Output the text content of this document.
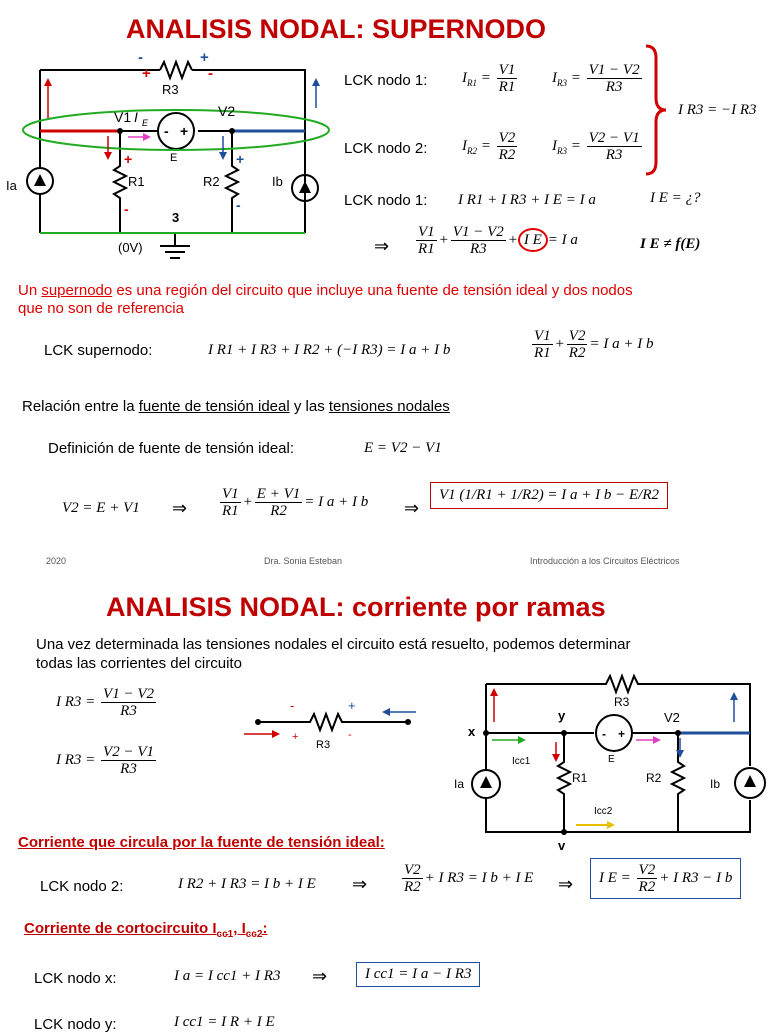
ANALISIS NODAL: SUPERNODO
-	+
+	-
R3
V1 I E
V2
- +
E
+
-
R1
+
-
R2
Ia	Ib
3
(0V)
LCK nodo 1: $I_{R1} = \frac{V1}{R1} I_{R3} = \frac{V1 - V2}{R3}$
LCK nodo 2: $I_{R2} = \frac{V2}{R2} I_{R3} = \frac{V2 - V1}{R3}$
I R3 = −I R3
LCK nodo 1: I R1 + I R3 + I E = I a	I E = ¿?
⇒ $\frac{V1}{R1} + \frac{V1 - V2}{R3} + I$ E = I a	I E ≠ f(E)
Un supernodo es una región del circuito que incluye una fuente de tensión ideal y dos nodos
que no son de referencia
LCK supernodo:	I R1 + I R3 + I R2 + (−I R3) = I a + I b	$\frac{V1}{R1} + \frac{V2}{R2} = I$ a + I b
Relación entre la fuente de tensión ideal y las tensiones nodales
Definición de fuente de tensión ideal:	E = V2 − V1
V2 = E + V1 ⇒ $\frac{V1}{R1} + \frac{E + V1}{R2} = I$ a + I b ⇒
V1 (1/R1 + 1/R2) = I a + I b − E/R2
2020	Dra. Sonia Esteban	Introducción a los Circuitos Eléctricos
ANALISIS NODAL: corriente por ramas
Una vez determinada las tensiones nodales el circuito está resuelto, podemos determinar
todas las corrientes del circuito
I $R3 = \frac{V1 - V2}{R3}$
I $R3 = \frac{V2 - V1}{R3}$
-	+
+	-
R3
R3
x
y	V2
E
- +
Icc1
Icc2
R1	R2
Ia	Ib
v
Corriente que circula por la fuente de tensión ideal:
LCK nodo 2:	I R2 + I R3 = I b + I E ⇒ $\frac{V2}{R2} + I$ R3 = I b + I E ⇒	I $E = \frac{V2}{R2} + I$ R3 − I b
Corriente de cortocircuito $I_{cc1}$, $I_{cc2}$:
LCK nodo x:	I a = I cc1 + I R3 ⇒	I cc1 = I a − I R3
LCK nodo y:	I cc1 = I R + I E
